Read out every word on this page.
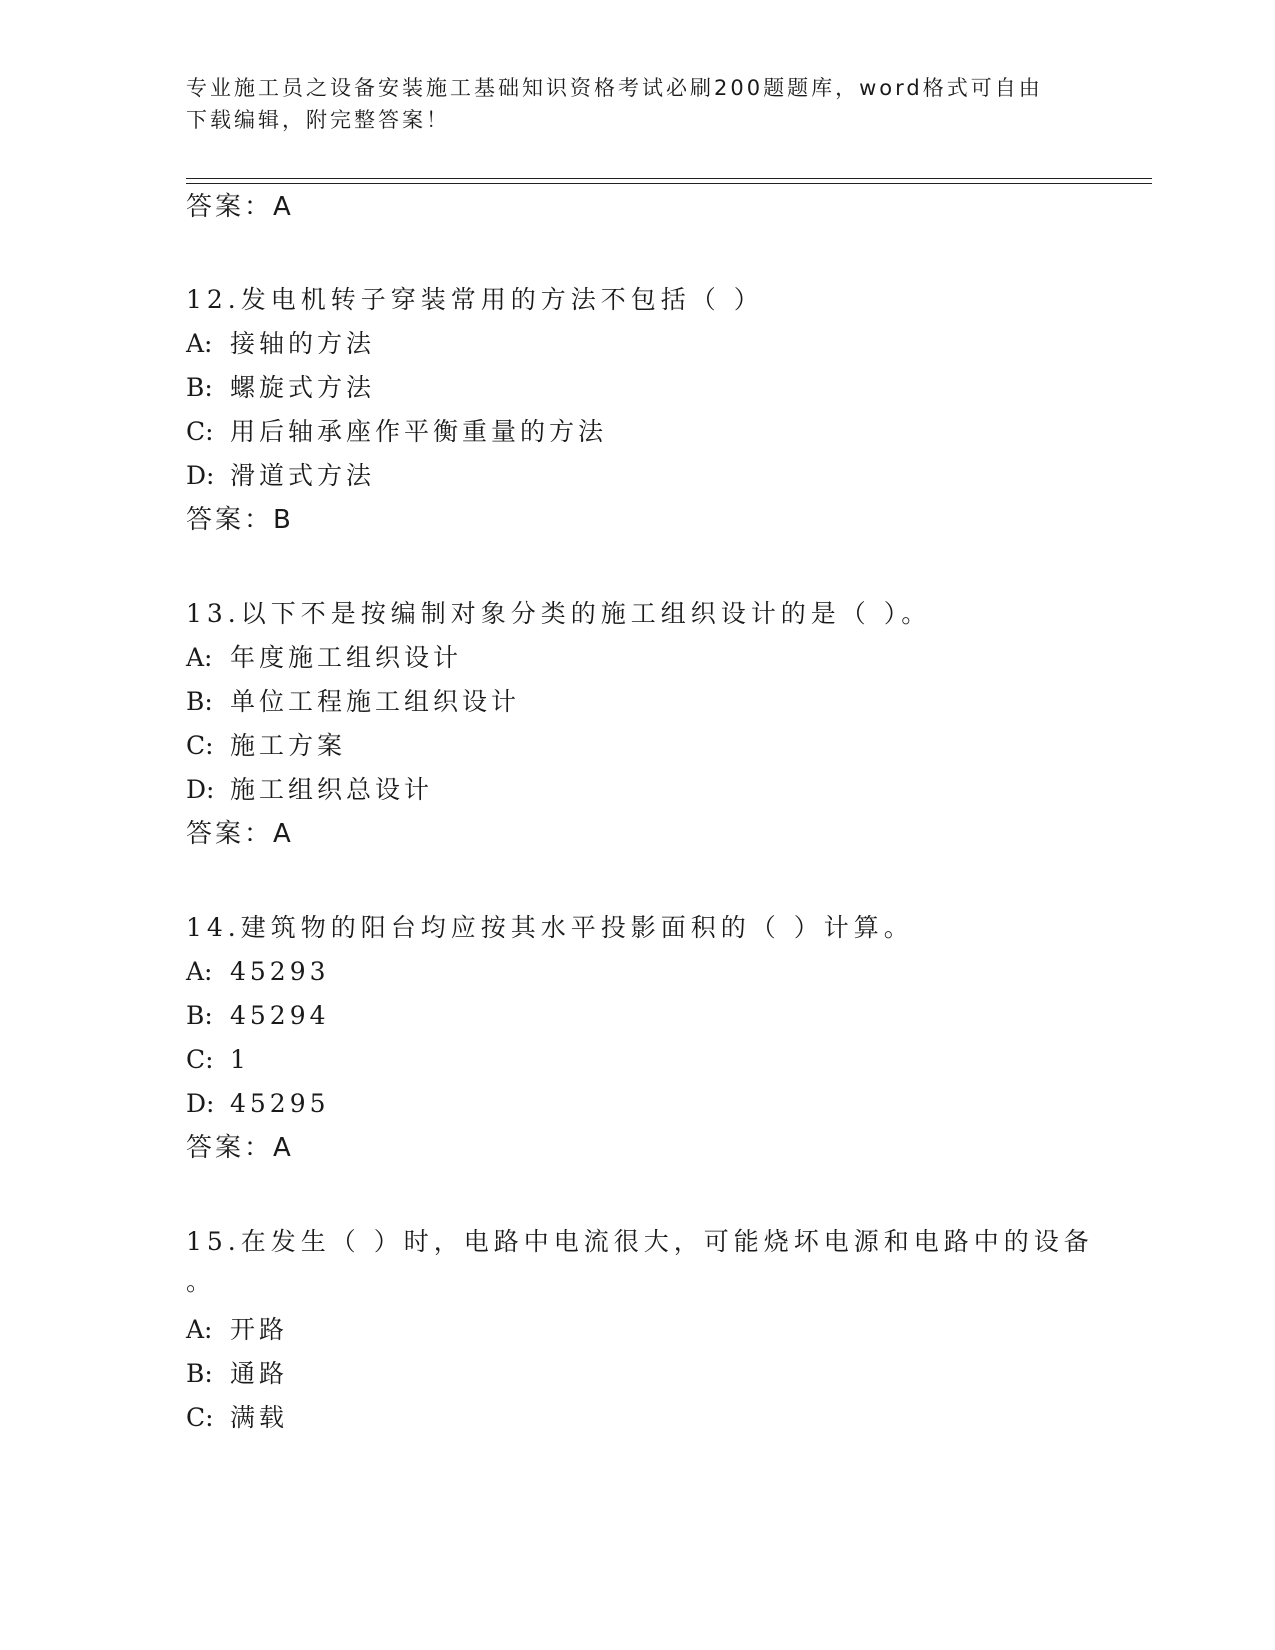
专业施工员之设备安装施工基础知识资格考试必刷200题题库，word格式可自由
下载编辑，附完整答案！
答案：A
12.发电机转子穿装常用的方法不包括（ ）
A: 接轴的方法
B: 螺旋式方法
C: 用后轴承座作平衡重量的方法
D: 滑道式方法
答案：B
13.以下不是按编制对象分类的施工组织设计的是（ ）。
A: 年度施工组织设计
B: 单位工程施工组织设计
C: 施工方案
D: 施工组织总设计
答案：A
14.建筑物的阳台均应按其水平投影面积的（ ）计算。
A: 45293
B: 45294
C: 1
D: 45295
答案：A
15.在发生（ ）时，电路中电流很大，可能烧坏电源和电路中的设备
。
A: 开路
B: 通路
C: 满载
